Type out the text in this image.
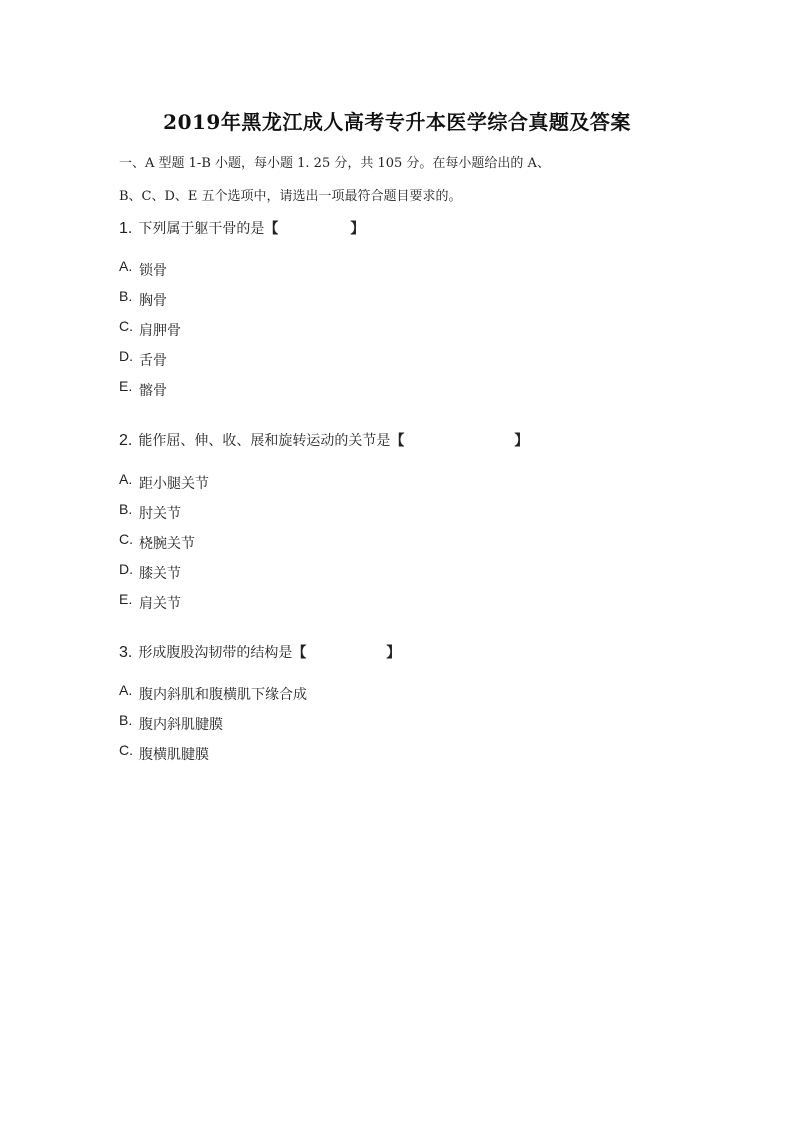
2019年黑龙江成人高考专升本医学综合真题及答案
一、A 型题 1-B 小题，每小题 1. 25 分，共 105 分。在每小题给出的 A、
B、C、D、E 五个选项中，请选出一项最符合题目要求的。
1. 下列属于躯干骨的是 【	】
A. 锁骨
B. 胸骨
C. 肩胛骨
D. 舌骨
E. 髂骨
2. 能作屈、伸、收、展和旋转运动的关节是 【	】
A. 距小腿关节
B. 肘关节
C. 桡腕关节
D. 膝关节
E. 肩关节
3. 形成腹股沟韧带的结构是 【	】
A. 腹内斜肌和腹横肌下缘合成
B. 腹内斜肌腱膜
C. 腹横肌腱膜
